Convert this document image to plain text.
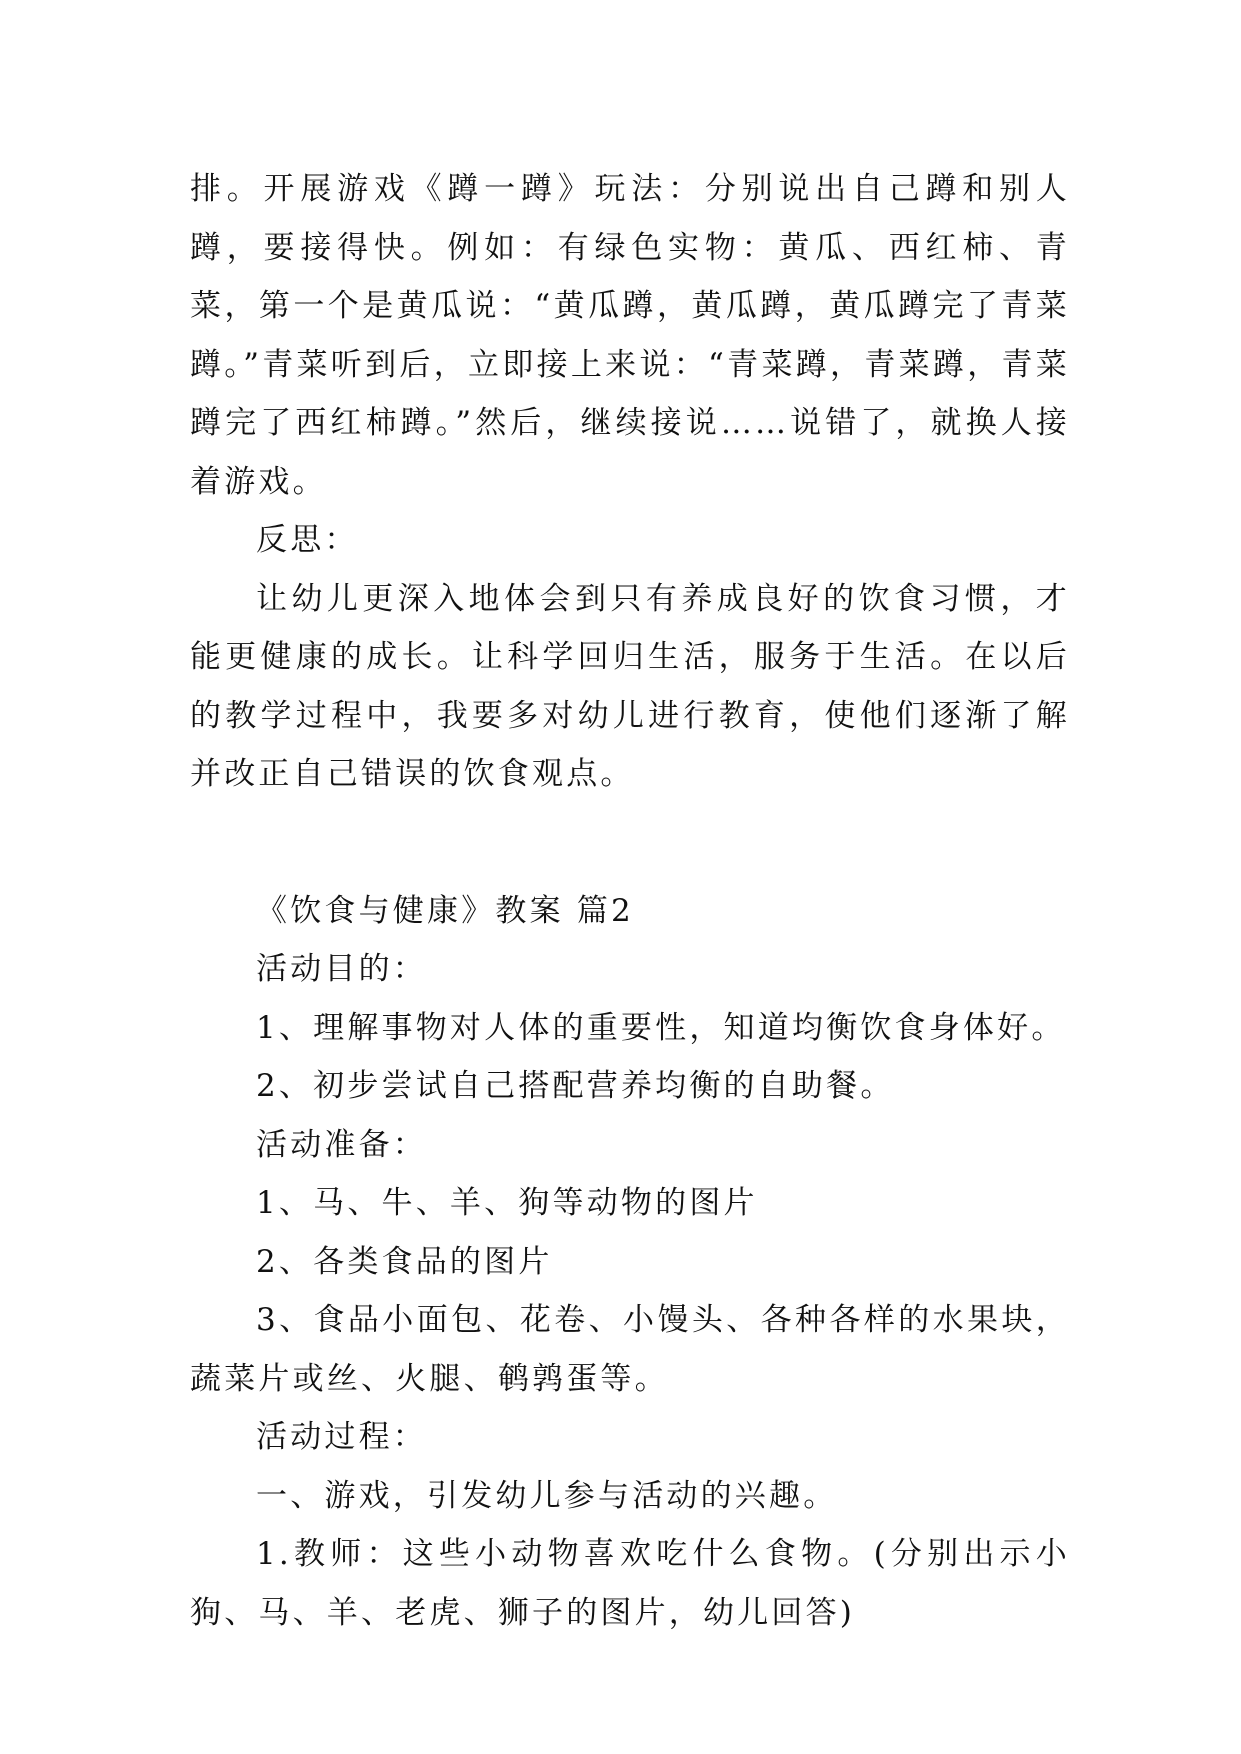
排。开展游戏《蹲一蹲》玩法：分别说出自己蹲和别人蹲，要接得快。例如：有绿色实物：黄瓜、西红柿、青菜，第一个是黄瓜说：“黄瓜蹲，黄瓜蹲，黄瓜蹲完了青菜蹲。”青菜听到后，立即接上来说：“青菜蹲，青菜蹲，青菜蹲完了西红柿蹲。”然后，继续接说……说错了，就换人接着游戏。

反思：

让幼儿更深入地体会到只有养成良好的饮食习惯，才能更健康的成长。让科学回归生活，服务于生活。在以后的教学过程中，我要多对幼儿进行教育，使他们逐渐了解并改正自己错误的饮食观点。

《饮食与健康》教案 篇2

活动目的：

1、理解事物对人体的重要性，知道均衡饮食身体好。

2、初步尝试自己搭配营养均衡的自助餐。

活动准备：

1、马、牛、羊、狗等动物的图片

2、各类食品的图片

3、食品小面包、花卷、小馒头、各种各样的水果块，蔬菜片或丝、火腿、鹌鹑蛋等。

活动过程：

一、游戏，引发幼儿参与活动的兴趣。

1.教师：这些小动物喜欢吃什么食物。(分别出示小狗、马、羊、老虎、狮子的图片，幼儿回答)
